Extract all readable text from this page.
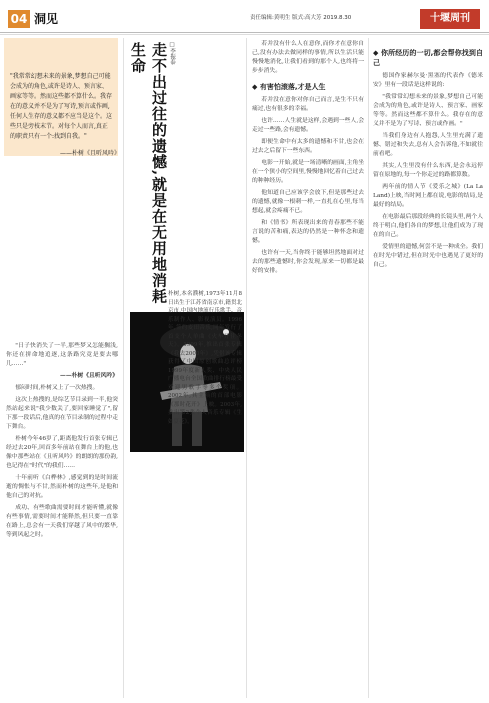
04 洞见	责任编辑:黄明生 版式:高大芳 2019.8.30	十堰周刊
"我常常幻想未来的景象,梦想自己可能会成为的角色,或许是诗人、预言家、画家等等。然而这些都不算什么。我存在的意义并不是为了写诗,预言或作画,任何人生存的意义都不应当是这个。这些只是旁枝末节。对每个人而言,真正的职责只有一个:找到自我。"
——朴树《且听风吟》

"日子快消失了一半,那些梦又怎能搁浅,你还在拼命地追逐,这条路究竟是要去哪儿……"

——朴树《且听风吟》

郁闷时间,朴树又上了一次热搜。

这次上热搜的,是综艺节目录到一半,他突然站起来说"我少数关了,要回家睡觉了",留下那一段话后,他真的在节目录制的过程中走下舞台。

朴树今年46岁了,距离他发行首张专辑已经过去20年,回首多年前站在舞台上的他,也像中那些站在《且听风吟》的朗朗的那份韵,也记得在"时代"的我们……

十年前听《白桦林》,感觉到的是时间流逝的惆怅与不甘,然而朴树的这些年,是他和他自己的对抗。

成功、有些歌曲需要时间才能听懂,就像有些事情,需要时间才能释然,但只要一直靠在路上,总会有一天我们穿越了风中的繁华,等到风起之时。

走不出过往的遗憾,就是在无用地消耗生命	□李振泰
朴树,本名濮树,1973年11月8日出生于江苏省南京市,籍贯北京市,中国内地流行乐歌手、音乐制作人、影视演员。1996年,签约麦田音乐,同年发行了首支个人单曲《火车开往冬天》。1999年,推出首张专辑《我去2000年》,凭借该专辑获得了中国原创歌曲总评榜1999年度新人奖、中央人民广播电台全国歌曲排行榜最受欢迎男歌手等多个奖项。2002年,其主演的首部电影《那时花开》上映。2003年,推出第2张个人音乐专辑《生如夏花》。

若并没有什么人在意你,而你才在意你自己,没有办法去做同样的事情,所以生活只能慢慢地消化,让我们看到的那个人,也终将一步步消失。

◆ 有害怕滚落,才是人生

若并没在意你对你自己而言,是生不只有痛过,也有很多的幸福。

也许……人生就是这样,会遇到一些人,会走过一些路,会有遗憾。

即便生命中有太多的遗憾和不甘,也会在过去之后留下一些东西。

电影一开始,就是一场清晰的画面,主角坐在一个狭小的空间里,慢慢地回忆着自己过去的种种经历。

他知道自己应该学会放下,但是那些过去的遗憾,就像一根刺一样,一直扎在心里,每当想起,就会疼痛不已。

和《情书》所表现出来的青春那些不能言说的苦和痛,表达的仍然是一种怀念和遗憾。

也许有一天,当你终于能够坦然地面对过去的那些遗憾时,你会发现,原来一切都是最好的安排。

◆ 你所经历的一切,都会帮你找到自己

德国作家赫尔曼·黑塞的代表作《德米安》里有一段话是这样说的:

"我常常幻想未来的景象,梦想自己可能会成为的角色,或许是诗人、预言家、画家等等。然而这些都不算什么。我存在的意义并不是为了写诗、预言或作画。"

当我们身边有人抱怨,人生里充满了遗憾、错过和失去,总有人会告诉他,不如就往前看吧。

其实,人生里没有什么东西,是会永远停留在原地的,每一个你走过的路都算数。

两年前的情人节《爱乐之城》(La La Land)上映,当时网上都在说,电影的结局,是最好的结局。

在电影最后那段经典的长镜头里,两个人终于明白,他们各自的梦想,让他们成为了现在的自己。

爱情里的遗憾,何尝不是一种成全。我们在时光中错过,但在时光中也遇见了更好的自己。
